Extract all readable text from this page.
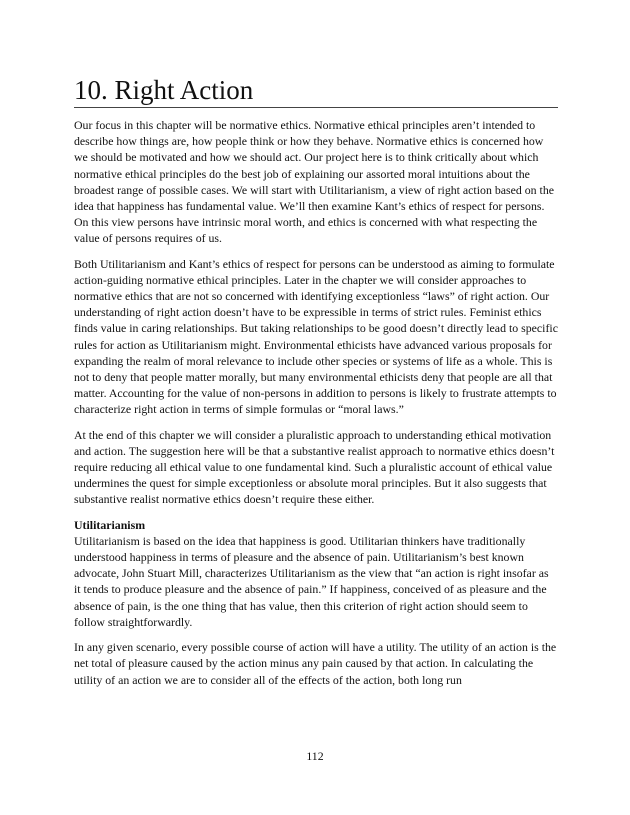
10. Right Action

Our focus in this chapter will be normative ethics. Normative ethical principles aren’t intended to describe how things are, how people think or how they behave. Normative ethics is concerned how we should be motivated and how we should act. Our project here is to think critically about which normative ethical principles do the best job of explaining our assorted moral intuitions about the broadest range of possible cases. We will start with Utilitarianism, a view of right action based on the idea that happiness has fundamental value. We’ll then examine Kant’s ethics of respect for persons. On this view persons have intrinsic moral worth, and ethics is concerned with what respecting the value of persons requires of us.

Both Utilitarianism and Kant’s ethics of respect for persons can be understood as aiming to formulate action-guiding normative ethical principles. Later in the chapter we will consider approaches to normative ethics that are not so concerned with identifying exceptionless “laws” of right action. Our understanding of right action doesn’t have to be expressible in terms of strict rules. Feminist ethics finds value in caring relationships. But taking relationships to be good doesn’t directly lead to specific rules for action as Utilitarianism might. Environmental ethicists have advanced various proposals for expanding the realm of moral relevance to include other species or systems of life as a whole. This is not to deny that people matter morally, but many environmental ethicists deny that people are all that matter. Accounting for the value of non-persons in addition to persons is likely to frustrate attempts to characterize right action in terms of simple formulas or “moral laws.”

At the end of this chapter we will consider a pluralistic approach to understanding ethical motivation and action. The suggestion here will be that a substantive realist approach to normative ethics doesn’t require reducing all ethical value to one fundamental kind. Such a pluralistic account of ethical value undermines the quest for simple exceptionless or absolute moral principles. But it also suggests that substantive realist normative ethics doesn’t require these either.

Utilitarianism

Utilitarianism is based on the idea that happiness is good. Utilitarian thinkers have traditionally understood happiness in terms of pleasure and the absence of pain. Utilitarianism’s best known advocate, John Stuart Mill, characterizes Utilitarianism as the view that “an action is right insofar as it tends to produce pleasure and the absence of pain.” If happiness, conceived of as pleasure and the absence of pain, is the one thing that has value, then this criterion of right action should seem to follow straightforwardly.

In any given scenario, every possible course of action will have a utility. The utility of an action is the net total of pleasure caused by the action minus any pain caused by that action. In calculating the utility of an action we are to consider all of the effects of the action, both long run

112
